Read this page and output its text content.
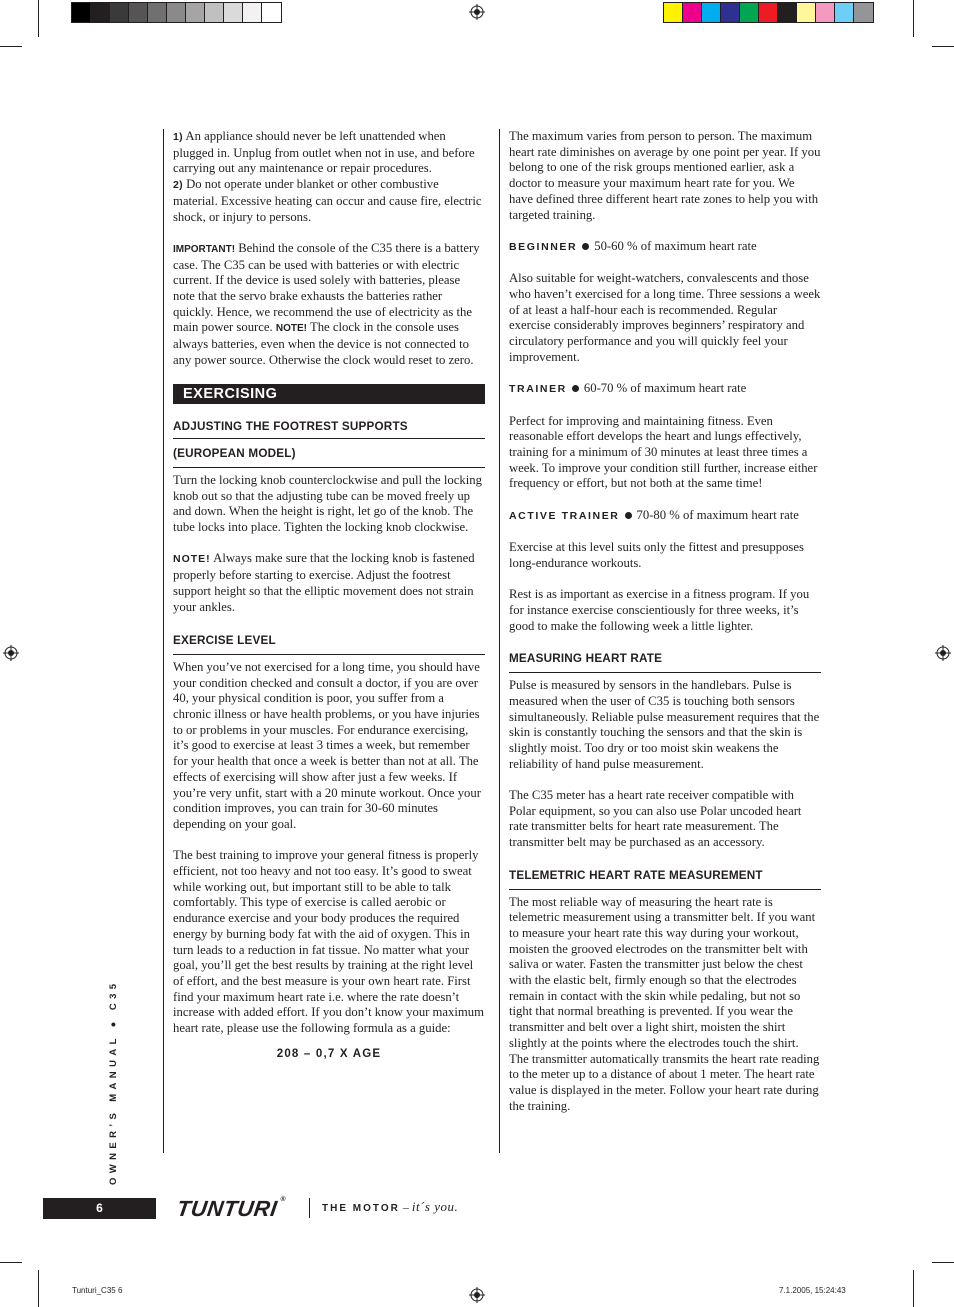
1) An appliance should never be left unattended when plugged in. Unplug from outlet when not in use, and before carrying out any maintenance or repair procedures.

2) Do not operate under blanket or other combustive material. Excessive heating can occur and cause fire, electric shock, or injury to persons.

IMPORTANT! Behind the console of the C35 there is a battery case. The C35 can be used with batteries or with electric current. If the device is used solely with batteries, please note that the servo brake exhausts the batteries rather quickly. Hence, we recommend the use of electricity as the main power source. NOTE! The clock in the console uses always batteries, even when the device is not connected to any power source. Otherwise the clock would reset to zero.

EXERCISING
ADJUSTING THE FOOTREST SUPPORTS
(EUROPEAN MODEL)

Turn the locking knob counterclockwise and pull the locking knob out so that the adjusting tube can be moved freely up and down. When the height is right, let go of the knob. The tube locks into place. Tighten the locking knob clockwise.

NOTE! Always make sure that the locking knob is fastened properly before starting to exercise. Adjust the footrest support height so that the elliptic movement does not strain your ankles.

EXERCISE LEVEL

When you’ve not exercised for a long time, you should have your condition checked and consult a doctor, if you are over 40, your physical condition is poor, you suffer from a chronic illness or have health problems, or you have injuries to or problems in your muscles. For endurance exercising, it’s good to exercise at least 3 times a week, but remember for your health that once a week is better than not at all. The effects of exercising will show after just a few weeks. If you’re very unfit, start with a 20 minute workout. Once your condition improves, you can train for 30-60 minutes depending on your goal.

The best training to improve your general fitness is properly efficient, not too heavy and not too easy. It’s good to sweat while working out, but important still to be able to talk comfortably. This type of exercise is called aerobic or endurance exercise and your body produces the required energy by burning body fat with the aid of oxygen. This in turn leads to a reduction in fat tissue. No matter what your goal, you’ll get the best results by training at the right level of effort, and the best measure is your own heart rate. First find your maximum heart rate i.e. where the rate doesn’t increase with added effort. If you don’t know your maximum heart rate, please use the following formula as a guide:

208 – 0,7 X AGE

The maximum varies from person to person. The maximum heart rate diminishes on average by one point per year. If you belong to one of the risk groups mentioned earlier, ask a doctor to measure your maximum heart rate for you. We have defined three different heart rate zones to help you with targeted training.

BEGINNER 50-60 % of maximum heart rate

Also suitable for weight-watchers, convalescents and those who haven’t exercised for a long time. Three sessions a week of at least a half-hour each is recommended. Regular exercise considerably improves beginners’ respiratory and circulatory performance and you will quickly feel your improvement.

TRAINER 60-70 % of maximum heart rate

Perfect for improving and maintaining fitness. Even reasonable effort develops the heart and lungs effectively, training for a minimum of 30 minutes at least three times a week. To improve your condition still further, increase either frequency or effort, but not both at the same time!

ACTIVE TRAINER 70-80 % of maximum heart rate

Exercise at this level suits only the fittest and presupposes long-endurance workouts.

Rest is as important as exercise in a fitness program. If you for instance exercise conscientiously for three weeks, it’s good to make the following week a little lighter.

MEASURING HEART RATE

Pulse is measured by sensors in the handlebars. Pulse is measured when the user of C35 is touching both sensors simultaneously. Reliable pulse measurement requires that the skin is constantly touching the sensors and that the skin is slightly moist. Too dry or too moist skin weakens the reliability of hand pulse measurement.

The C35 meter has a heart rate receiver compatible with Polar equipment, so you can also use Polar uncoded heart rate transmitter belts for heart rate measurement. The transmitter belt may be purchased as an accessory.

TELEMETRIC HEART RATE MEASUREMENT

The most reliable way of measuring the heart rate is telemetric measurement using a transmitter belt. If you want to measure your heart rate this way during your workout, moisten the grooved electrodes on the transmitter belt with saliva or water. Fasten the transmitter just below the chest with the elastic belt, firmly enough so that the electrodes remain in contact with the skin while pedaling, but not so tight that normal breathing is prevented. If you wear the transmitter and belt over a light shirt, moisten the shirt slightly at the points where the electrodes touch the shirt. The transmitter automatically transmits the heart rate reading to the meter up to a distance of about 1 meter. The heart rate value is displayed in the meter. Follow your heart rate during the training.

OWNER’S MANUAL ● C35
6	TUNTURI®
THE MOTOR – it´s you.
Tunturi_C35 6	7.1.2005, 15:24:43
